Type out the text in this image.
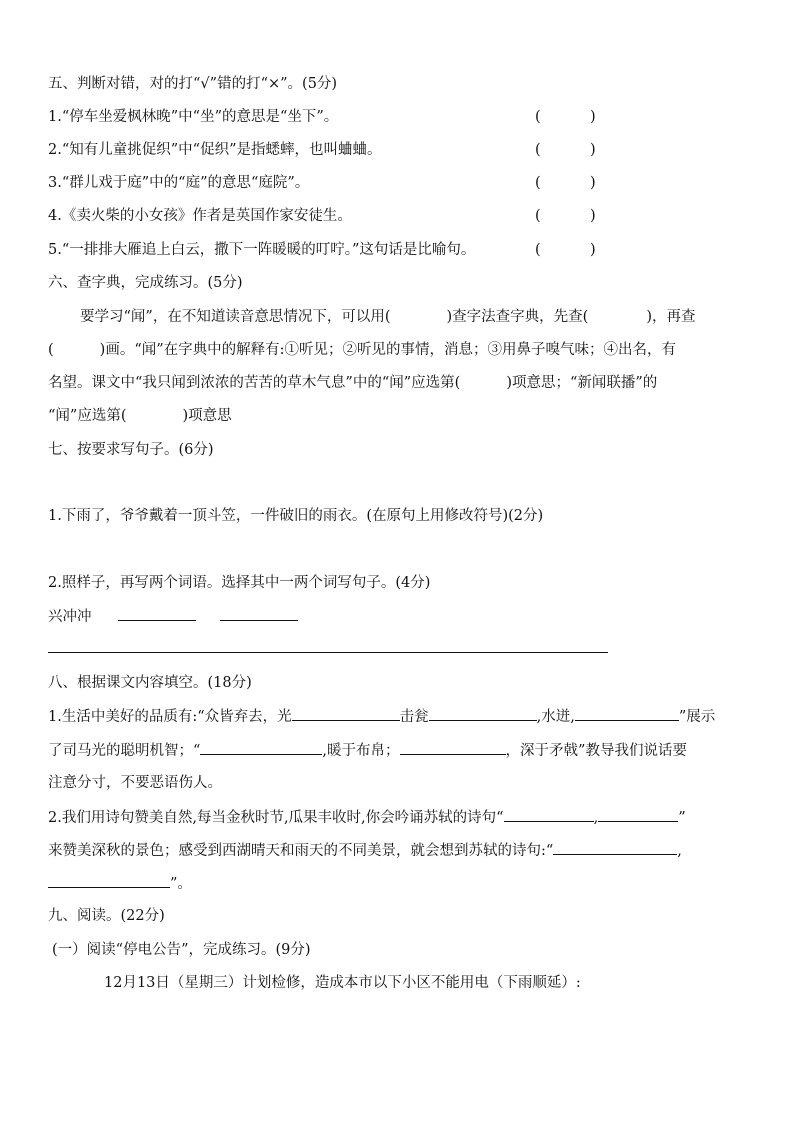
五、判断对错，对的打“√”错的打“×”。(5分)
1.“停车坐爱枫林晚”中“坐”的意思是“坐下”。	(	)
2.“知有儿童挑促织”中“促织”是指蟋蟀，也叫蛐蛐。	(	)
3.“群儿戏于庭”中的“庭”的意思“庭院”。	(	)
4.《卖火柴的小女孩》作者是英国作家安徒生。	(	)
5.“一排排大雁追上白云，撒下一阵暖暖的叮咛。”这句话是比喻句。	(	)
六、查字典，完成练习。(5分)
要学习“闻”，在不知道读音意思情况下，可以用(	)查字法查字典，先查(	)，再查
(	)画。“闻”在字典中的解释有:①听见；②听见的事情，消息；③用鼻子嗅气味；④出名，有
名望。课文中“我只闻到浓浓的苦苦的草木气息”中的“闻”应选第(	)项意思；“新闻联播”的
“闻”应选第(	)项意思
七、按要求写句子。(6分)
1.下雨了，爷爷戴着一顶斗笠，一件破旧的雨衣。(在原句上用修改符号)(2分)
2.照样子，再写两个词语。选择其中一两个词写句子。(4分)
兴冲冲
八、根据课文内容填空。(18分)
1.生活中美好的品质有:“众皆弃去，光	击瓮	,水迸,	”展示
了司马光的聪明机智；“	,暖于布帛；	，深于矛戟”教导我们说话要
注意分寸，不要恶语伤人。
2.我们用诗句赞美自然,每当金秋时节,瓜果丰收时,你会吟诵苏轼的诗句“	,	”
来赞美深秋的景色；感受到西湖晴天和雨天的不同美景，就会想到苏轼的诗句:“	,
”。
九、阅读。(22分)
(一）阅读“停电公告”，完成练习。(9分)
12月13日（星期三）计划检修，造成本市以下小区不能用电（下雨顺延）:
